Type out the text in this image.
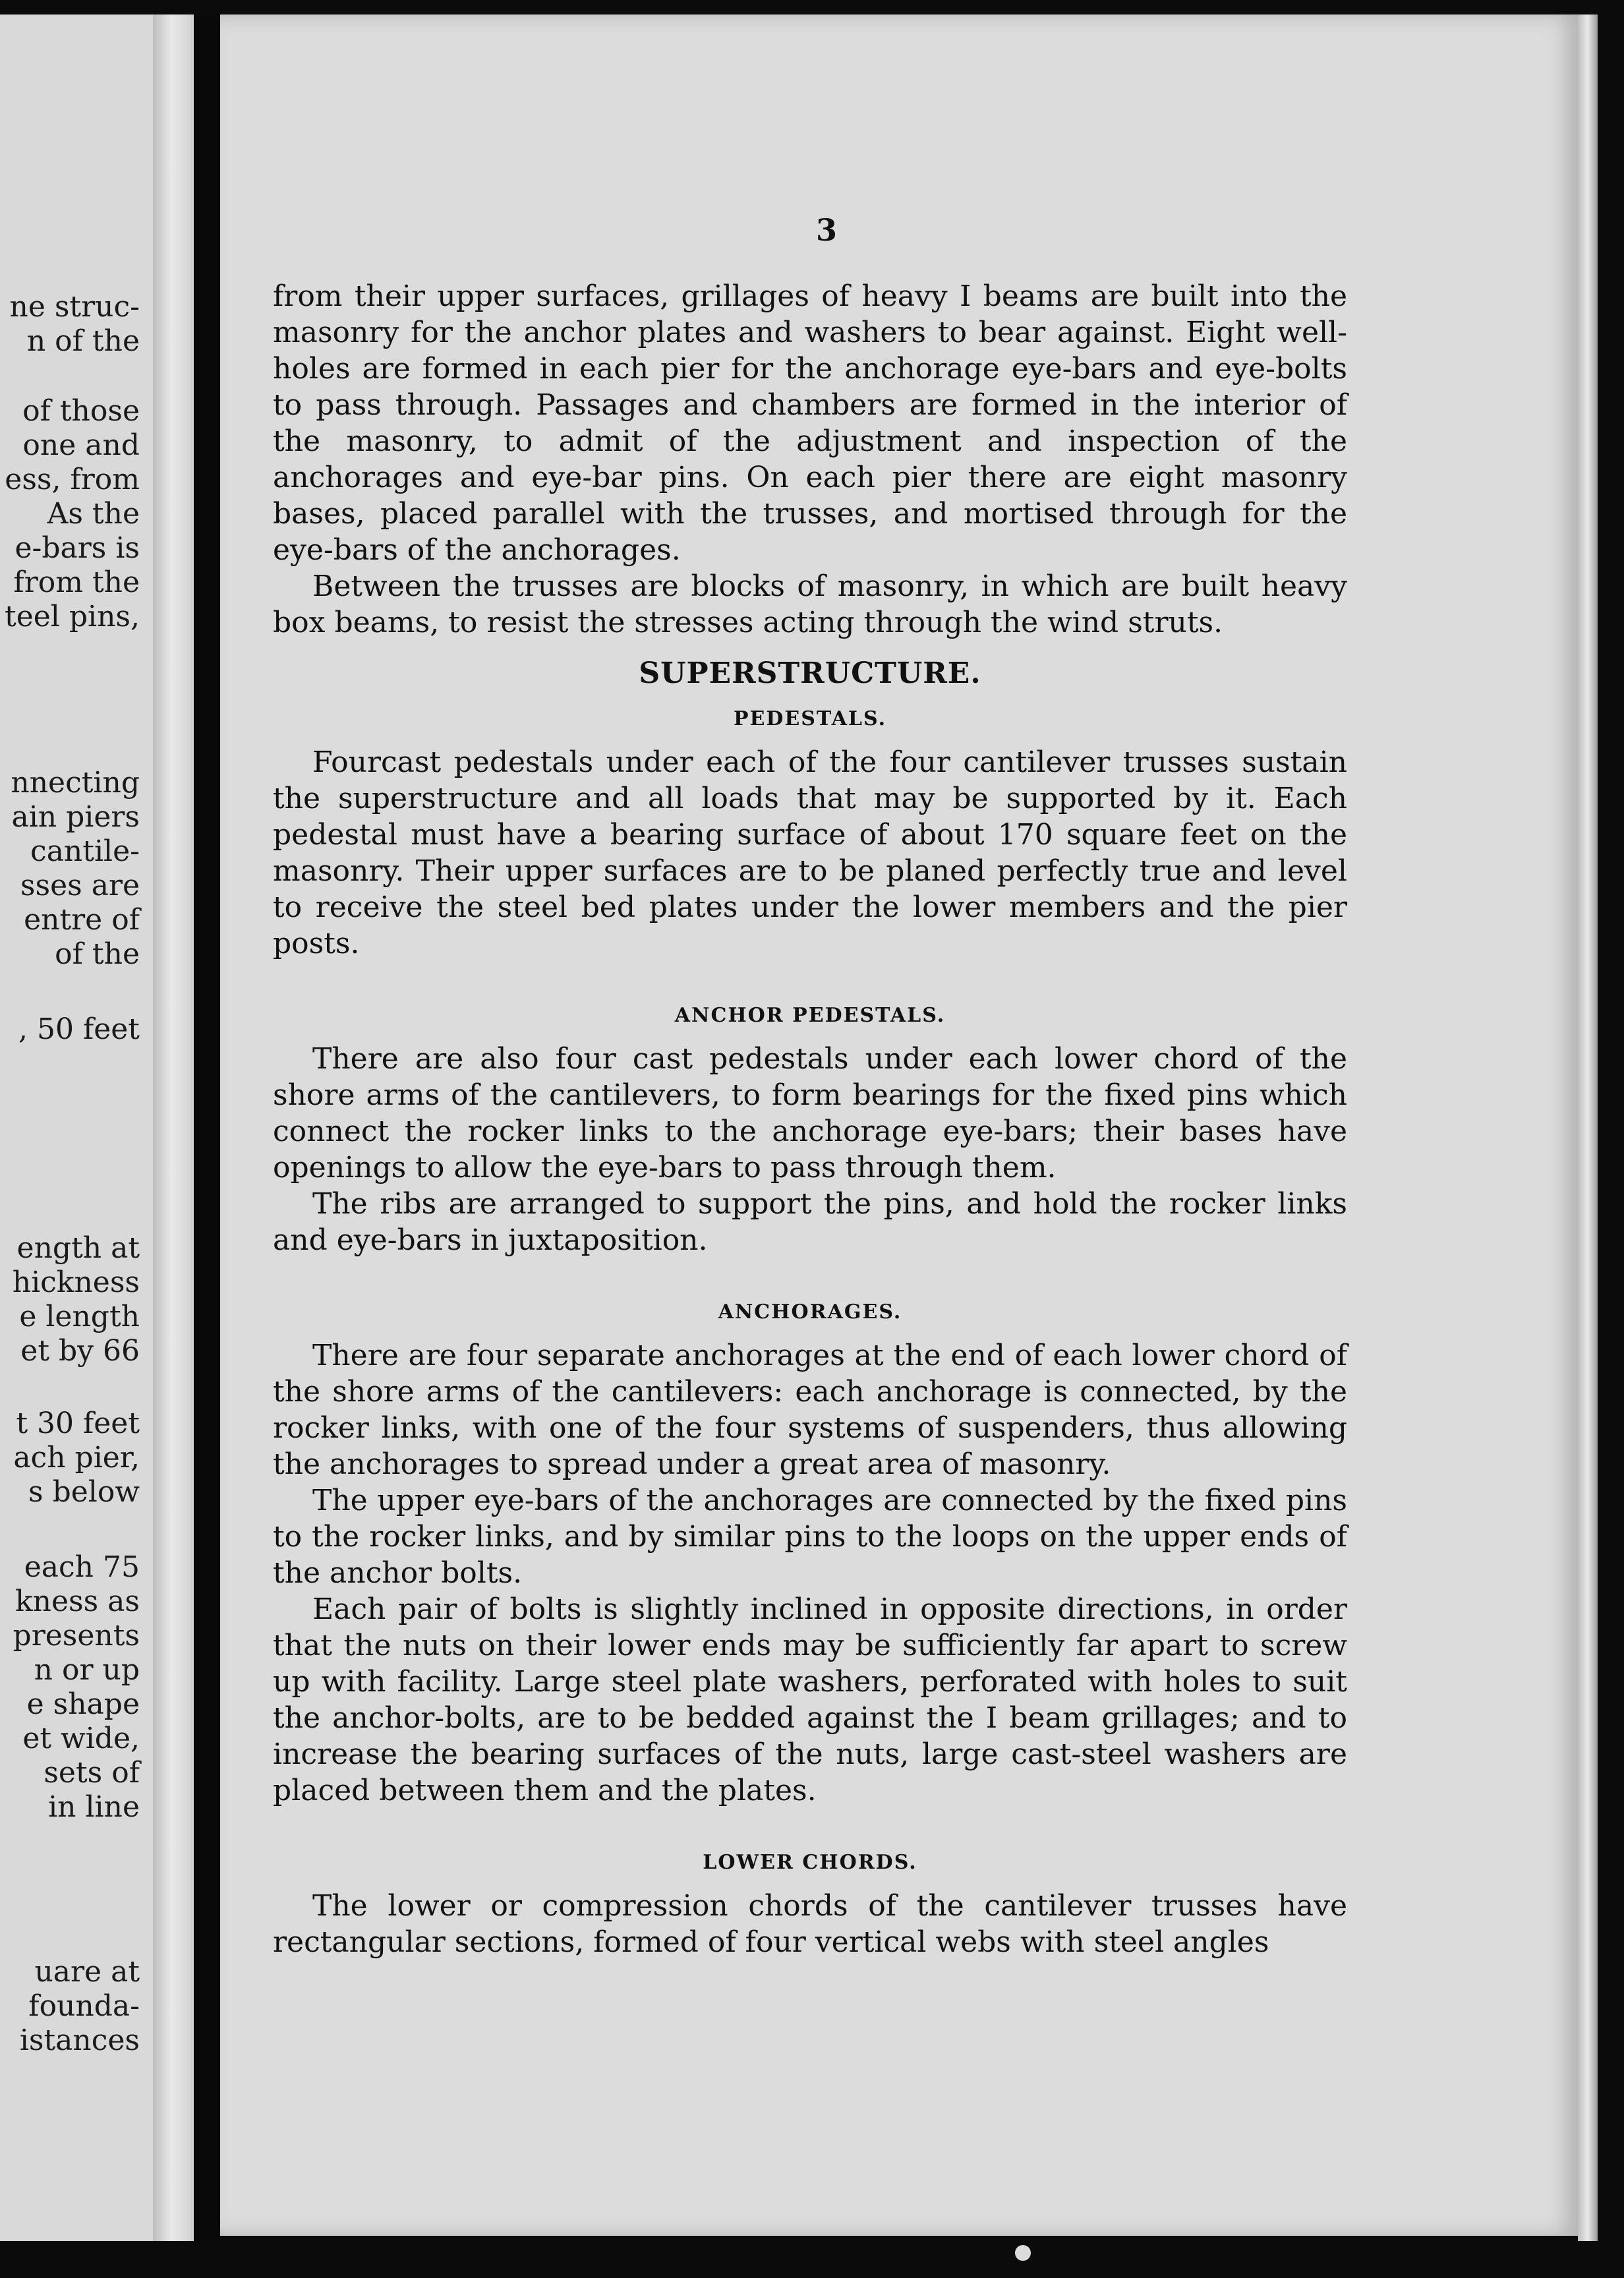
ne struc-
n of the
of those
one and
ess, from
As the
e-bars is
from the
teel pins,
nnecting
ain piers
cantile-
sses are
entre of
of the
, 50 feet
ength at
hickness
e length
et by 66
t 30 feet
ach pier,
s below
each 75
kness as
presents
n or up
e shape
et wide,
sets of
in line
uare at
founda-
istances
3

from their upper surfaces, grillages of heavy I beams are built into the masonry for the anchor plates and washers to bear against. Eight well-holes are formed in each pier for the anchorage eye-bars and eye-bolts to pass through. Passages and chambers are formed in the interior of the masonry, to admit of the adjustment and inspection of the anchorages and eye-bar pins. On each pier there are eight masonry bases, placed parallel with the trusses, and mortised through for the eye-bars of the anchorages.

Between the trusses are blocks of masonry, in which are built heavy box beams, to resist the stresses acting through the wind struts.

SUPERSTRUCTURE.
PEDESTALS.

Fourcast pedestals under each of the four cantilever trusses sustain the superstructure and all loads that may be supported by it. Each pedestal must have a bearing surface of about 170 square feet on the masonry. Their upper surfaces are to be planed perfectly true and level to receive the steel bed plates under the lower members and the pier posts.

ANCHOR PEDESTALS.

There are also four cast pedestals under each lower chord of the shore arms of the cantilevers, to form bearings for the fixed pins which connect the rocker links to the anchorage eye-bars; their bases have openings to allow the eye-bars to pass through them.

The ribs are arranged to support the pins, and hold the rocker links and eye-bars in juxtaposition.

ANCHORAGES.

There are four separate anchorages at the end of each lower chord of the shore arms of the cantilevers: each anchorage is connected, by the rocker links, with one of the four systems of suspenders, thus allowing the anchorages to spread under a great area of masonry.

The upper eye-bars of the anchorages are connected by the fixed pins to the rocker links, and by similar pins to the loops on the upper ends of the anchor bolts.

Each pair of bolts is slightly inclined in opposite directions, in order that the nuts on their lower ends may be sufficiently far apart to screw up with facility. Large steel plate washers, perforated with holes to suit the anchor-bolts, are to be bedded against the I beam grillages; and to increase the bearing surfaces of the nuts, large cast-steel washers are placed between them and the plates.

LOWER CHORDS.

The lower or compression chords of the cantilever trusses have rectangular sections, formed of four vertical webs with steel angles
